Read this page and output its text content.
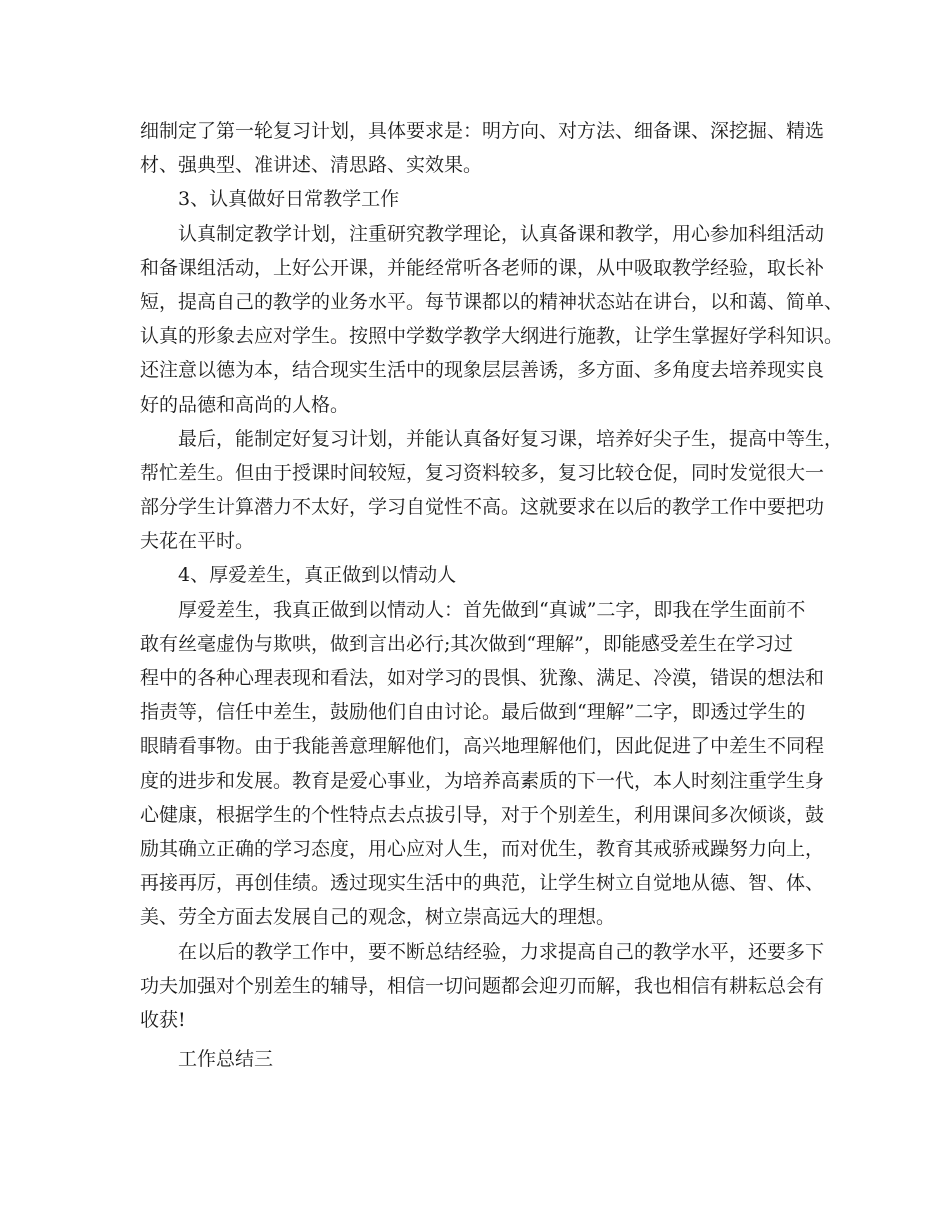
细制定了第一轮复习计划，具体要求是：明方向、对方法、细备课、深挖掘、精选
材、强典型、准讲述、清思路、实效果。
3、认真做好日常教学工作
认真制定教学计划，注重研究教学理论，认真备课和教学，用心参加科组活动
和备课组活动，上好公开课，并能经常听各老师的课，从中吸取教学经验，取长补
短，提高自己的教学的业务水平。每节课都以的精神状态站在讲台，以和蔼、简单、
认真的形象去应对学生。按照中学数学教学大纲进行施教，让学生掌握好学科知识。
还注意以德为本，结合现实生活中的现象层层善诱，多方面、多角度去培养现实良
好的品德和高尚的人格。
最后，能制定好复习计划，并能认真备好复习课，培养好尖子生，提高中等生，
帮忙差生。但由于授课时间较短，复习资料较多，复习比较仓促，同时发觉很大一
部分学生计算潜力不太好，学习自觉性不高。这就要求在以后的教学工作中要把功
夫花在平时。
4、厚爱差生，真正做到以情动人
厚爱差生，我真正做到以情动人：首先做到“真诚”二字，即我在学生面前不
敢有丝毫虚伪与欺哄，做到言出必行;其次做到“理解”，即能感受差生在学习过
程中的各种心理表现和看法，如对学习的畏惧、犹豫、满足、冷漠，错误的想法和
指责等，信任中差生，鼓励他们自由讨论。最后做到“理解”二字，即透过学生的
眼睛看事物。由于我能善意理解他们，高兴地理解他们，因此促进了中差生不同程
度的进步和发展。教育是爱心事业，为培养高素质的下一代，本人时刻注重学生身
心健康，根据学生的个性特点去点拔引导，对于个别差生，利用课间多次倾谈，鼓
励其确立正确的学习态度，用心应对人生，而对优生，教育其戒骄戒躁努力向上，
再接再厉，再创佳绩。透过现实生活中的典范，让学生树立自觉地从德、智、体、
美、劳全方面去发展自己的观念，树立崇高远大的理想。
在以后的教学工作中，要不断总结经验，力求提高自己的教学水平，还要多下
功夫加强对个别差生的辅导，相信一切问题都会迎刃而解，我也相信有耕耘总会有
收获!
工作总结三
